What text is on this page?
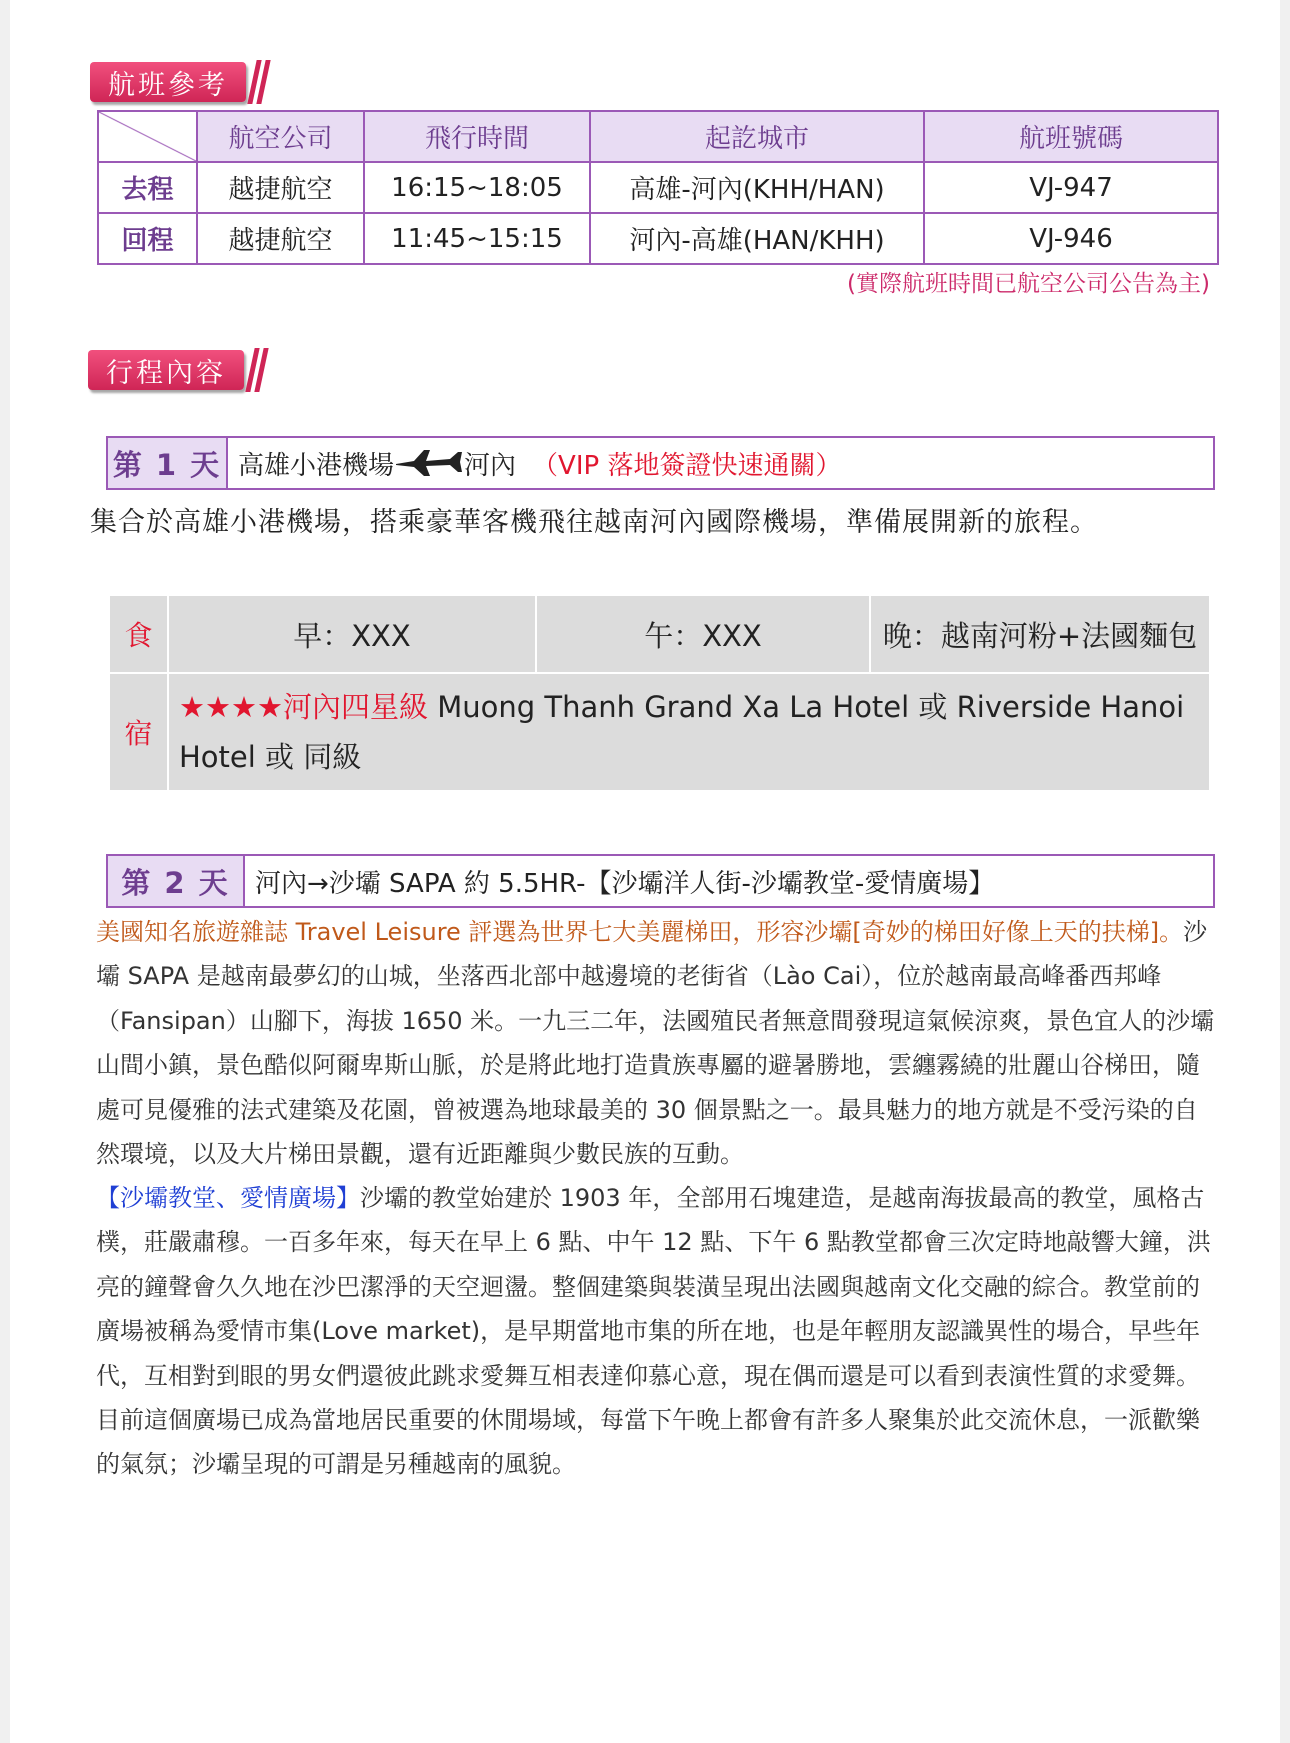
航班參考
	航空公司	飛行時間	起訖城市	航班號碼
去程	越捷航空	16:15~18:05	高雄-河內(KHH/HAN)	VJ-947
回程	越捷航空	11:45~15:15	河內-高雄(HAN/KHH)	VJ-946
(實際航班時間已航空公司公告為主)
行程內容
第 1 天 高雄小港機場	河內 （ VIP 落地簽證快速通關 ）
集合於高雄小港機場，搭乘豪華客機飛往越南河內國際機場，準備展開新的旅程。
食	早：XXX	午：XXX	晚：越南河粉+法國麵包
宿	★★★★河內四星級 Muong Thanh Grand Xa La Hotel 或 Riverside Hanoi Hotel 或 同級		
第 2 天 河內→沙壩 SAPA 約 5.5HR-【沙壩洋人街-沙壩教堂-愛情廣場】
美國知名旅遊雜誌 Travel Leisure 評選為世界七大美麗梯田，形容沙壩[奇妙的梯田好像上天的扶梯]。沙壩 SAPA 是越南最夢幻的山城，坐落西北部中越邊境的老街省（Lào Cai），位於越南最高峰番西邦峰（Fansipan）山腳下，海拔 1650 米。一九三二年，法國殖民者無意間發現這氣候涼爽，景色宜人的沙壩山間小鎮，景色酷似阿爾卑斯山脈，於是將此地打造貴族專屬的避暑勝地，雲纏霧繞的壯麗山谷梯田，隨處可見優雅的法式建築及花園，曾被選為地球最美的 30 個景點之一。最具魅力的地方就是不受污染的自然環境，以及大片梯田景觀，還有近距離與少數民族的互動。
【沙壩教堂、愛情廣場】沙壩的教堂始建於 1903 年，全部用石塊建造，是越南海拔最高的教堂，風格古樸，莊嚴肅穆。一百多年來，每天在早上 6 點、中午 12 點、下午 6 點教堂都會三次定時地敲響大鐘，洪亮的鐘聲會久久地在沙巴潔淨的天空迴盪。整個建築與裝潢呈現出法國與越南文化交融的綜合。教堂前的廣場被稱為愛情市集(Love market)，是早期當地市集的所在地，也是年輕朋友認識異性的場合，早些年代，互相對到眼的男女們還彼此跳求愛舞互相表達仰慕心意，現在偶而還是可以看到表演性質的求愛舞。目前這個廣場已成為當地居民重要的休閒場域，每當下午晚上都會有許多人聚集於此交流休息，一派歡樂的氣氛；沙壩呈現的可謂是另種越南的風貌。
